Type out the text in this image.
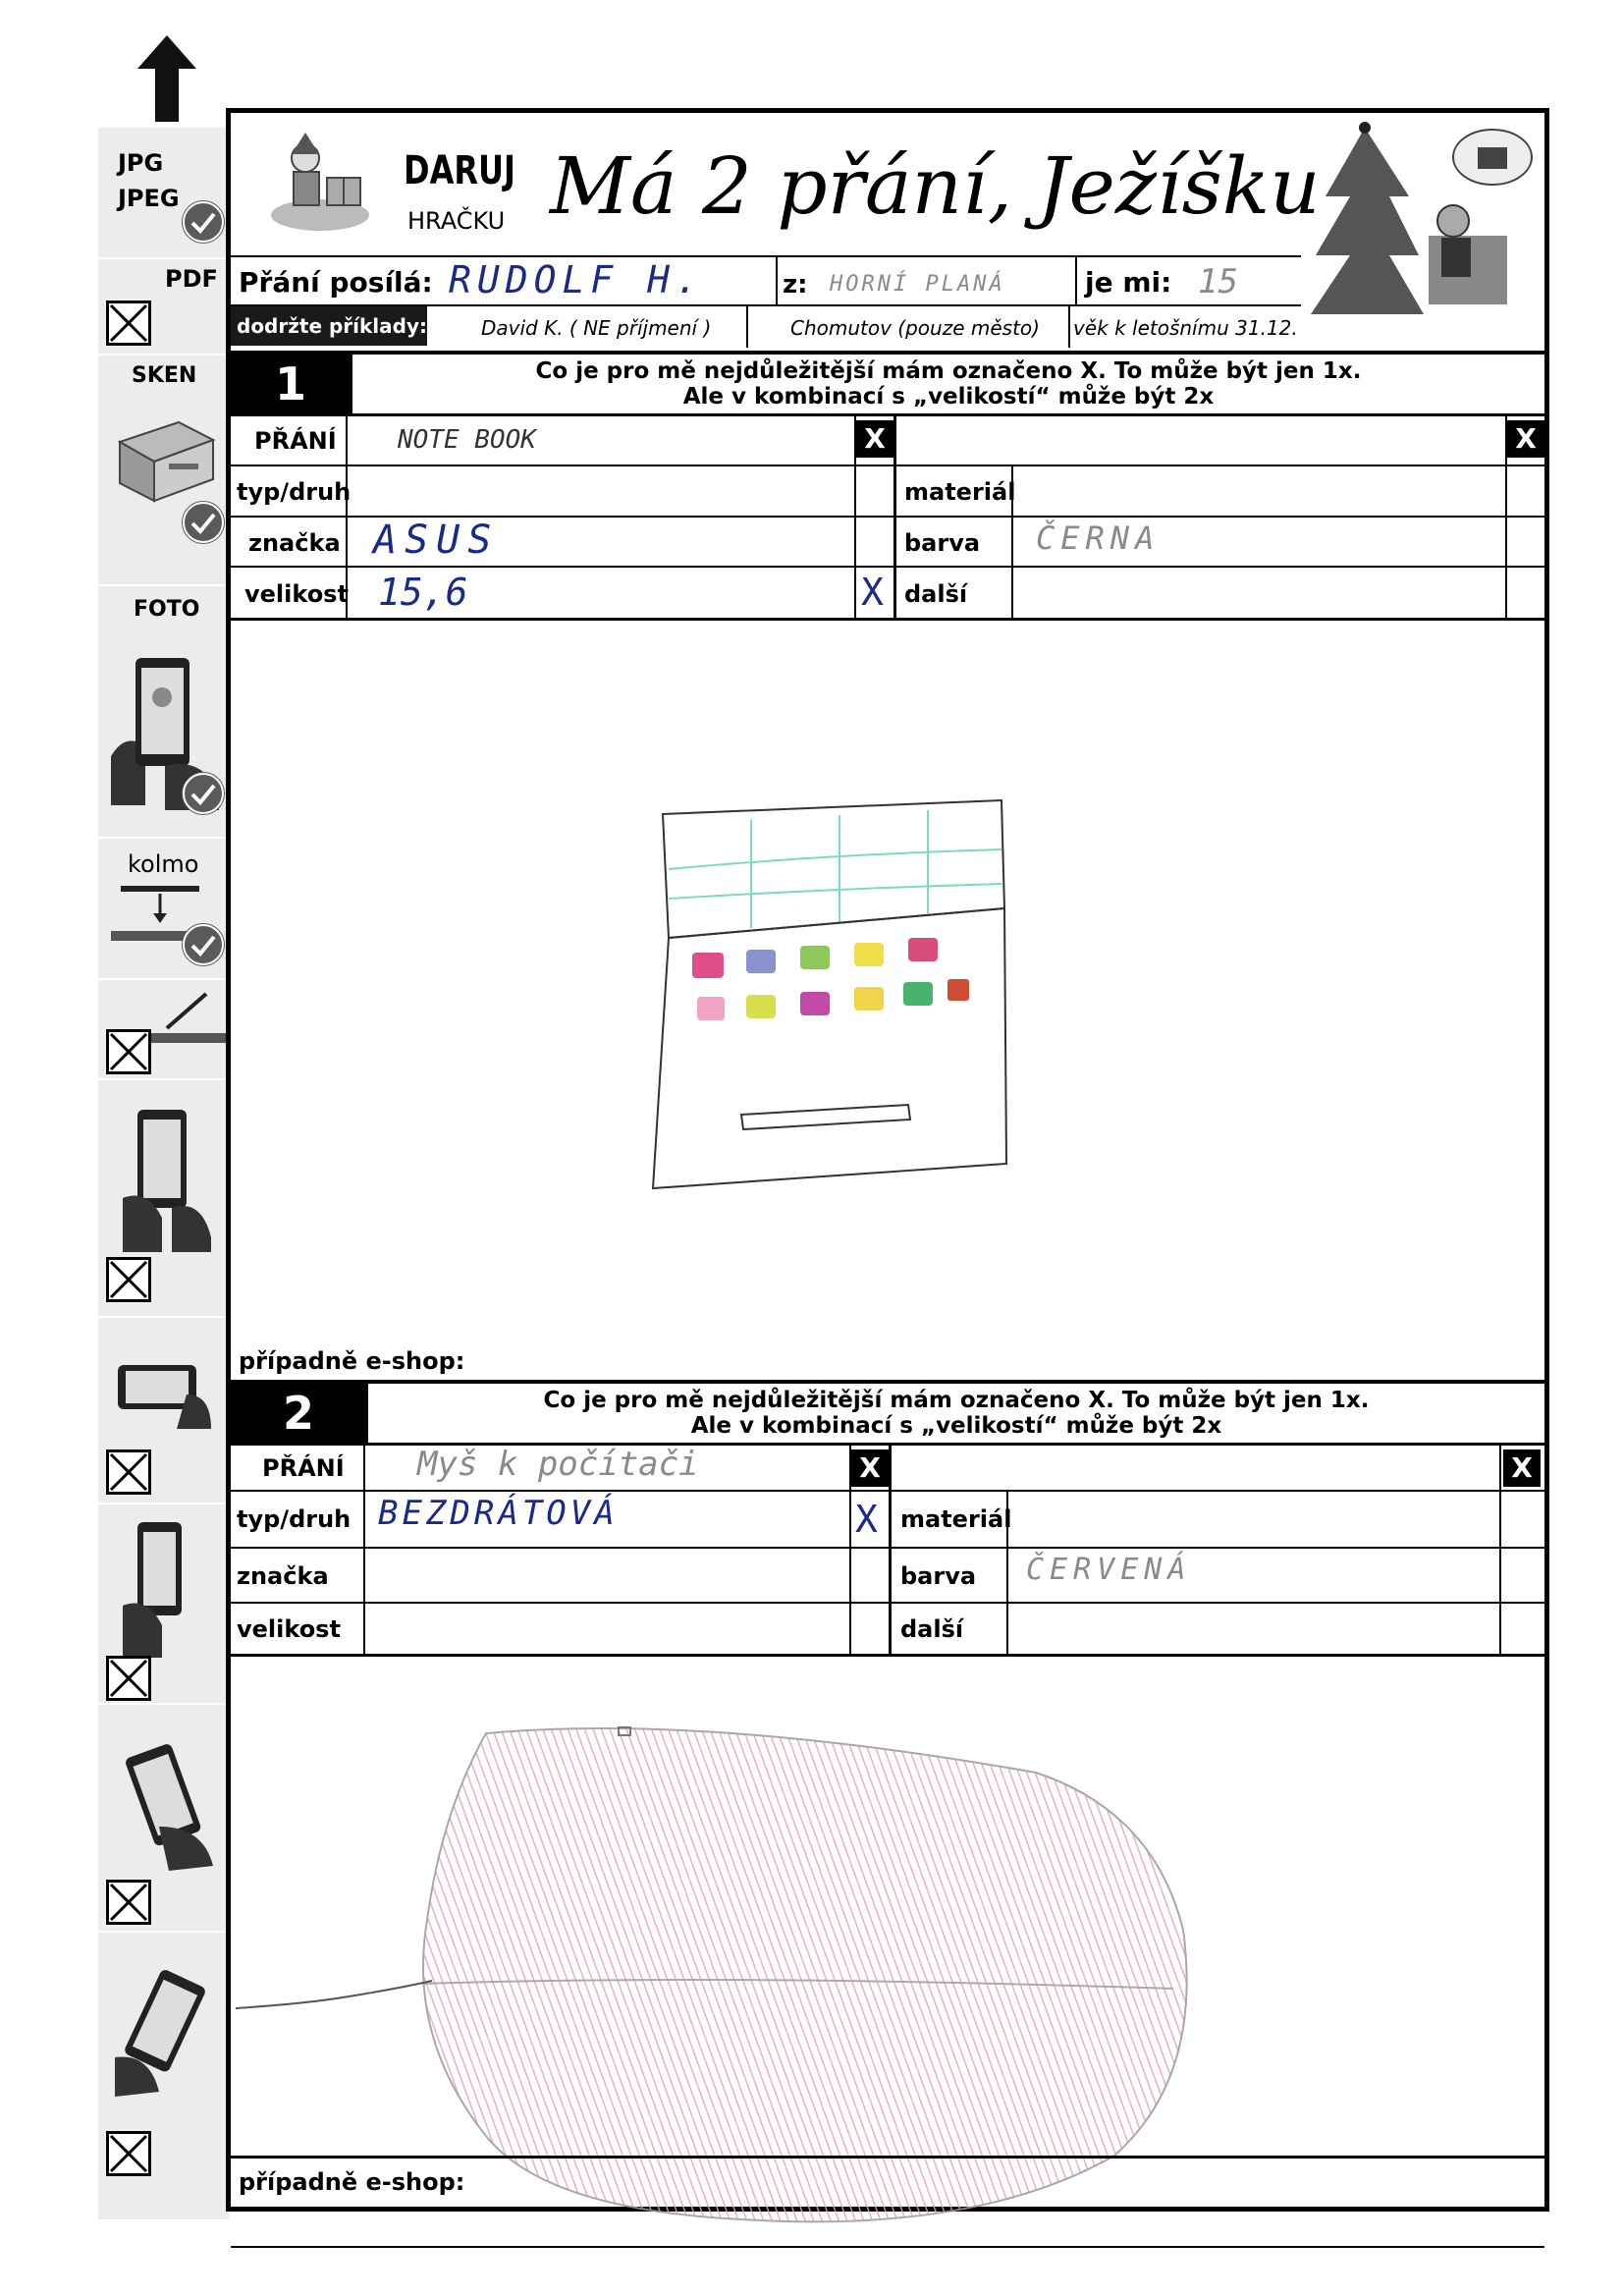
JPG
JPEG
PDF
SKEN
FOTO
kolmo
DARUJ
HRAČKU Má 2 přání, Ježíšku
Přání posílá: RUDOLF H.	z: HORNÍ PLANÁ	je mi: 15
dodržte příklady:	David K. ( NE příjmení )	Chomutov (pouze město) věk k letošnímu 31.12.
1	Co je pro mě nejdůležitější mám označeno X. To může být jen 1x.
Ale v kombinací s „velikostí“ může být 2x
PŘÁNÍ NOTE BOOK	X	X
typ/druh	materiál
značka ASUS	barva ČERNA
velikost 15,6	X další
případně e-shop:
2	Co je pro mě nejdůležitější mám označeno X. To může být jen 1x.
Ale v kombinací s „velikostí“ může být 2x
PŘÁNÍ Myš k počítači	X	X
typ/druh BEZDRÁTOVÁ	X materiál
značka	barva ČERVENÁ
velikost	další
případně e-shop:
